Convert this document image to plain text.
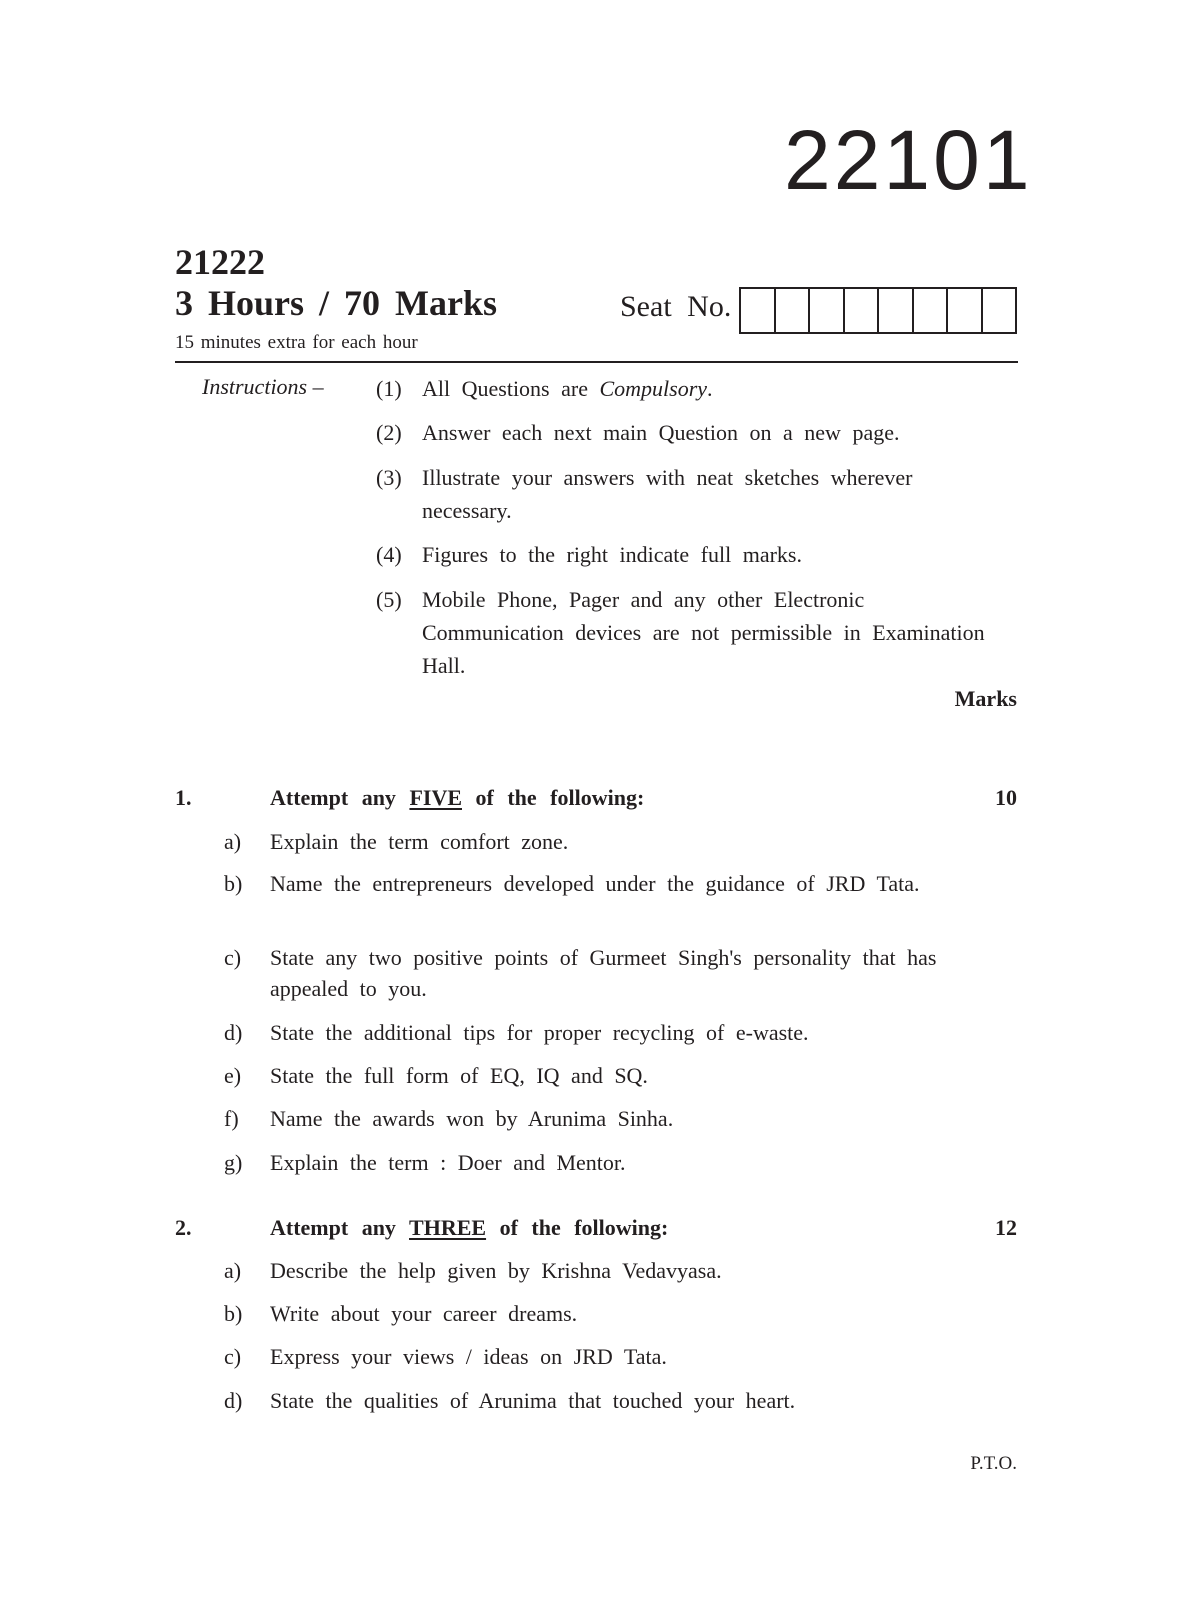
22101
21222
3 Hours / 70 Marks
15 minutes extra for each hour
Seat No.
Instructions – (1) All Questions are Compulsory.
(2) Answer each next main Question on a new page.
(3) Illustrate your answers with neat sketches wherever necessary.
(4) Figures to the right indicate full marks.
(5) Mobile Phone, Pager and any other Electronic Communication devices are not permissible in Examination Hall.
Marks
1.	Attempt any FIVE of the following:	10
a) Explain the term comfort zone.
b) Name the entrepreneurs developed under the guidance of JRD Tata.
c) State any two positive points of Gurmeet Singh's personality that has appealed to you.
d) State the additional tips for proper recycling of e-waste.
e) State the full form of EQ, IQ and SQ.
f) Name the awards won by Arunima Sinha.
g) Explain the term : Doer and Mentor.
2.	Attempt any THREE of the following:	12
a) Describe the help given by Krishna Vedavyasa.
b) Write about your career dreams.
c) Express your views / ideas on JRD Tata.
d) State the qualities of Arunima that touched your heart.
P.T.O.
